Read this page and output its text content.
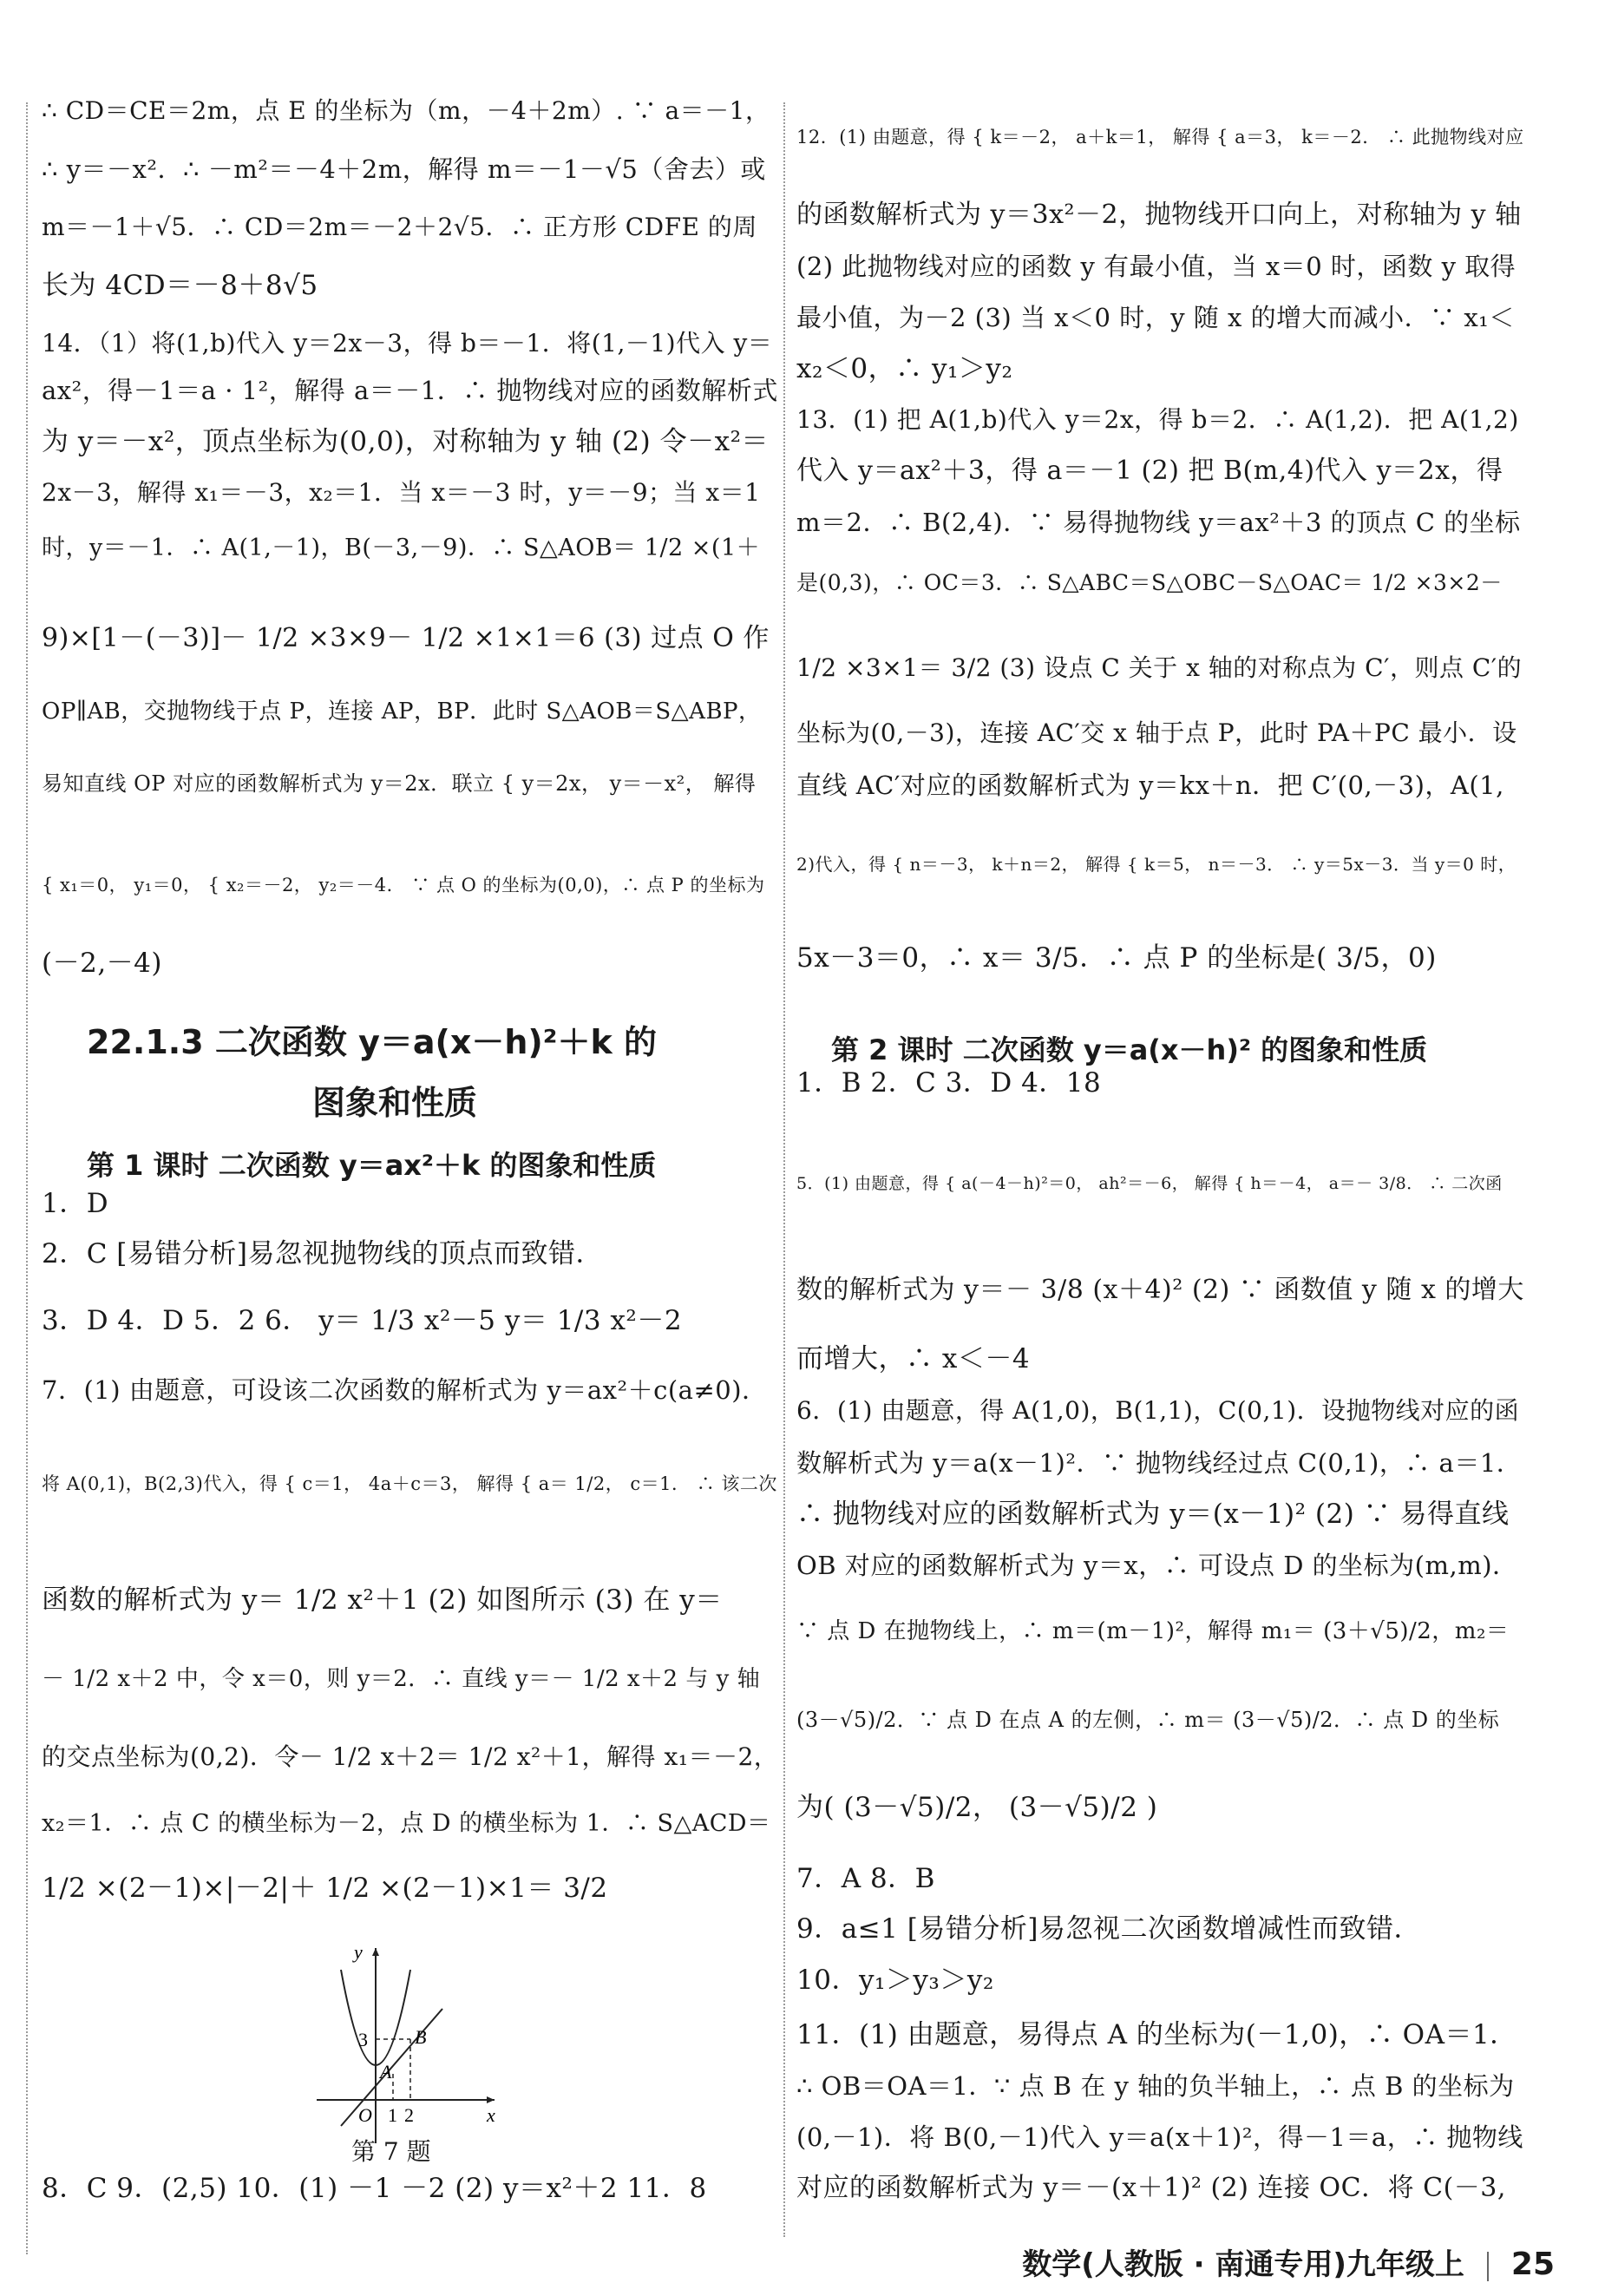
∴ CD＝CE＝2m，点 E 的坐标为（m，－4＋2m）. ∵ a＝－1，
∴ y＝－x²．∴ －m²＝－4＋2m，解得 m＝－1－√5（舍去）或
m＝－1＋√5．∴ CD＝2m＝－2＋2√5．∴ 正方形 CDFE 的周
长为 4CD＝－8＋8√5
14．（1）将(1,b)代入 y＝2x－3，得 b＝－1．将(1,－1)代入 y＝
ax²，得－1＝a · 1²，解得 a＝－1．∴ 抛物线对应的函数解析式
为 y＝－x²，顶点坐标为(0,0)，对称轴为 y 轴 (2) 令－x²＝
2x－3，解得 x₁＝－3，x₂＝1．当 x＝－3 时，y＝－9；当 x＝1
时，y＝－1．∴ A(1,－1)，B(－3,－9)．∴ S△AOB＝ 1/2 ×(1＋
9)×[1－(－3)]－ 1/2 ×3×9－ 1/2 ×1×1＝6 (3) 过点 O 作
OP∥AB，交抛物线于点 P，连接 AP，BP．此时 S△AOB＝S△ABP，
易知直线 OP 对应的函数解析式为 y＝2x．联立 { y＝2x， y＝－x²， 解得
{ x₁＝0， y₁＝0， { x₂＝－2， y₂＝－4． ∵ 点 O 的坐标为(0,0)，∴ 点 P 的坐标为
(－2,－4)
1．D
2．C [易错分析]易忽视抛物线的顶点而致错．
3．D 4．D 5．2 6． y＝ 1/3 x²－5 y＝ 1/3 x²－2
7．(1) 由题意，可设该二次函数的解析式为 y＝ax²＋c(a≠0)．
将 A(0,1)，B(2,3)代入，得 { c＝1， 4a＋c＝3， 解得 { a＝ 1/2， c＝1． ∴ 该二次
函数的解析式为 y＝ 1/2 x²＋1 (2) 如图所示 (3) 在 y＝
－ 1/2 x＋2 中，令 x＝0，则 y＝2．∴ 直线 y＝－ 1/2 x＋2 与 y 轴
的交点坐标为(0,2)．令－ 1/2 x＋2＝ 1/2 x²＋1，解得 x₁＝－2，
x₂＝1．∴ 点 C 的横坐标为－2，点 D 的横坐标为 1．∴ S△ACD＝
1/2 ×(2－1)×|－2|＋ 1/2 ×(2－1)×1＝ 3/2
8．C 9．(2,5) 10．(1) －1 －2 (2) y＝x²＋2 11．8
22.1.3 二次函数 y＝a(x－h)²＋k 的
图象和性质
第 1 课时 二次函数 y＝ax²＋k 的图象和性质
y
x
O
3
1 2
A
B
第 7 题
12．(1) 由题意，得 { k＝－2， a＋k＝1， 解得 { a＝3， k＝－2． ∴ 此抛物线对应
的函数解析式为 y＝3x²－2，抛物线开口向上，对称轴为 y 轴
(2) 此抛物线对应的函数 y 有最小值，当 x＝0 时，函数 y 取得
最小值，为－2 (3) 当 x＜0 时，y 随 x 的增大而减小．∵ x₁＜
x₂＜0，∴ y₁＞y₂
13．(1) 把 A(1,b)代入 y＝2x，得 b＝2．∴ A(1,2)．把 A(1,2)
代入 y＝ax²＋3，得 a＝－1 (2) 把 B(m,4)代入 y＝2x，得
m＝2．∴ B(2,4)．∵ 易得抛物线 y＝ax²＋3 的顶点 C 的坐标
是(0,3)，∴ OC＝3．∴ S△ABC＝S△OBC－S△OAC＝ 1/2 ×3×2－
1/2 ×3×1＝ 3/2 (3) 设点 C 关于 x 轴的对称点为 C′，则点 C′的
坐标为(0,－3)，连接 AC′交 x 轴于点 P，此时 PA＋PC 最小．设
直线 AC′对应的函数解析式为 y＝kx＋n．把 C′(0,－3)，A(1,
2)代入，得 { n＝－3， k＋n＝2， 解得 { k＝5， n＝－3． ∴ y＝5x－3．当 y＝0 时，
5x－3＝0，∴ x＝ 3/5．∴ 点 P 的坐标是( 3/5，0)
1．B 2．C 3．D 4．18
5．(1) 由题意，得 { a(－4－h)²＝0， ah²＝－6， 解得 { h＝－4， a＝－ 3/8． ∴ 二次函
数的解析式为 y＝－ 3/8 (x＋4)² (2) ∵ 函数值 y 随 x 的增大
而增大，∴ x＜－4
6．(1) 由题意，得 A(1,0)，B(1,1)，C(0,1)．设抛物线对应的函
数解析式为 y＝a(x－1)²．∵ 抛物线经过点 C(0,1)，∴ a＝1．
∴ 抛物线对应的函数解析式为 y＝(x－1)² (2) ∵ 易得直线
OB 对应的函数解析式为 y＝x，∴ 可设点 D 的坐标为(m,m)．
∵ 点 D 在抛物线上，∴ m＝(m－1)²，解得 m₁＝ (3＋√5)/2，m₂＝
(3－√5)/2．∵ 点 D 在点 A 的左侧，∴ m＝ (3－√5)/2．∴ 点 D 的坐标
为( (3－√5)/2， (3－√5)/2 )
7．A 8．B
9．a≤1 [易错分析]易忽视二次函数增减性而致错．
10．y₁＞y₃＞y₂
11．(1) 由题意，易得点 A 的坐标为(－1,0)，∴ OA＝1．
∴ OB＝OA＝1．∵ 点 B 在 y 轴的负半轴上，∴ 点 B 的坐标为
(0,－1)．将 B(0,－1)代入 y＝a(x＋1)²，得－1＝a，∴ 抛物线
对应的函数解析式为 y＝－(x＋1)² (2) 连接 OC．将 C(－3,
第 2 课时 二次函数 y＝a(x－h)² 的图象和性质
数学(人教版 · 南通专用)九年级上 25
